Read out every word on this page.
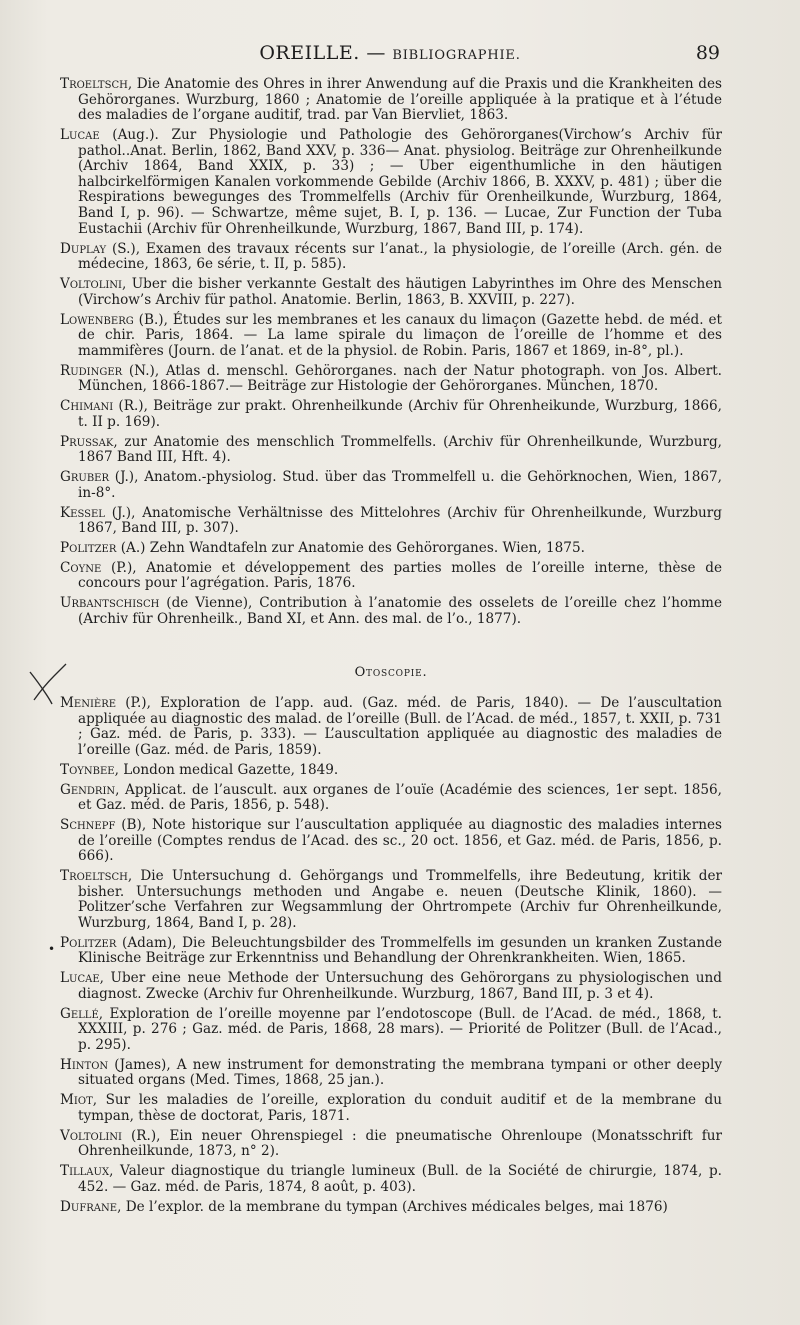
OREILLE. — BIBLIOGRAPHIE.	89

Troeltsch, Die Anatomie des Ohres in ihrer Anwendung auf die Praxis und die Krankheiten des Gehörorganes. Wurzburg, 1860 ; Anatomie de l’oreille appliquée à la pratique et à l’étude des maladies de l’organe auditif, trad. par Van Biervliet, 1863.

Lucae (Aug.). Zur Physiologie und Pathologie des Gehörorganes(Virchow’s Archiv für pathol..Anat. Berlin, 1862, Band XXV, p. 336— Anat. physiolog. Beiträge zur Ohrenheilkunde (Archiv 1864, Band XXIX, p. 33) ; — Uber eigenthumliche in den häutigen halbcirkelförmigen Kanalen vorkommende Gebilde (Archiv 1866, B. XXXV, p. 481) ; über die Respirations bewegunges des Trommelfells (Archiv für Orenheilkunde, Wurzburg, 1864, Band I, p. 96). — Schwartze, même sujet, B. I, p. 136. — Lucae, Zur Function der Tuba Eustachii (Archiv für Ohrenheilkunde, Wurzburg, 1867, Band III, p. 174).

Duplay (S.), Examen des travaux récents sur l’anat., la physiologie, de l’oreille (Arch. gén. de médecine, 1863, 6e série, t. II, p. 585).

Voltolini, Uber die bisher verkannte Gestalt des häutigen Labyrinthes im Ohre des Menschen (Virchow’s Archiv für pathol. Anatomie. Berlin, 1863, B. XXVIII, p. 227).

Lowenberg (B.), Études sur les membranes et les canaux du limaçon (Gazette hebd. de méd. et de chir. Paris, 1864. — La lame spirale du limaçon de l’oreille de l’homme et des mammifères (Journ. de l’anat. et de la physiol. de Robin. Paris, 1867 et 1869, in-8°, pl.).

Rudinger (N.), Atlas d. menschl. Gehörorganes. nach der Natur photograph. von Jos. Albert. München, 1866-1867.— Beiträge zur Histologie der Gehörorganes. München, 1870.

Chimani (R.), Beiträge zur prakt. Ohrenheilkunde (Archiv für Ohrenheikunde, Wurzburg, 1866, t. II p. 169).

Prussak, zur Anatomie des menschlich Trommelfells. (Archiv für Ohrenheilkunde, Wurzburg, 1867 Band III, Hft. 4).

Gruber (J.), Anatom.-physiolog. Stud. über das Trommelfell u. die Gehörknochen, Wien, 1867, in-8°.

Kessel (J.), Anatomische Verhältnisse des Mittelohres (Archiv für Ohrenheilkunde, Wurzburg 1867, Band III, p. 307).

Politzer (A.) Zehn Wandtafeln zur Anatomie des Gehörorganes. Wien, 1875.

Coyne (P.), Anatomie et développement des parties molles de l’oreille interne, thèse de concours pour l’agrégation. Paris, 1876.

Urbantschisch (de Vienne), Contribution à l’anatomie des osselets de l’oreille chez l’homme (Archiv für Ohrenheilk., Band XI, et Ann. des mal. de l’o., 1877).

Otoscopie.

Menière (P.), Exploration de l’app. aud. (Gaz. méd. de Paris, 1840). — De l’auscultation appliquée au diagnostic des malad. de l’oreille (Bull. de l’Acad. de méd., 1857, t. XXII, p. 731 ; Gaz. méd. de Paris, p. 333). — L’auscultation appliquée au diagnostic des maladies de l’oreille (Gaz. méd. de Paris, 1859).

Toynbee, London medical Gazette, 1849.

Gendrin, Applicat. de l’auscult. aux organes de l’ouïe (Académie des sciences, 1er sept. 1856, et Gaz. méd. de Paris, 1856, p. 548).

Schnepf (B), Note historique sur l’auscultation appliquée au diagnostic des maladies internes de l’oreille (Comptes rendus de l’Acad. des sc., 20 oct. 1856, et Gaz. méd. de Paris, 1856, p. 666).

Troeltsch, Die Untersuchung d. Gehörgangs und Trommelfells, ihre Bedeutung, kritik der bisher. Untersuchungs methoden und Angabe e. neuen (Deutsche Klinik, 1860). — Politzer’sche Verfahren zur Wegsammlung der Ohrtrompete (Archiv fur Ohrenheilkunde, Wurzburg, 1864, Band I, p. 28).

Politzer (Adam), Die Beleuchtungsbilder des Trommelfells im gesunden un kranken Zustande Klinische Beiträge zur Erkenntniss und Behandlung der Ohrenkrankheiten. Wien, 1865.

Lucae, Uber eine neue Methode der Untersuchung des Gehörorgans zu physiologischen und diagnost. Zwecke (Archiv fur Ohrenheilkunde. Wurzburg, 1867, Band III, p. 3 et 4).

Gellé, Exploration de l’oreille moyenne par l’endotoscope (Bull. de l’Acad. de méd., 1868, t. XXXIII, p. 276 ; Gaz. méd. de Paris, 1868, 28 mars). — Priorité de Politzer (Bull. de l’Acad., p. 295).

Hinton (James), A new instrument for demonstrating the membrana tympani or other deeply situated organs (Med. Times, 1868, 25 jan.).

Miot, Sur les maladies de l’oreille, exploration du conduit auditif et de la membrane du tympan, thèse de doctorat, Paris, 1871.

Voltolini (R.), Ein neuer Ohrenspiegel : die pneumatische Ohrenloupe (Monatsschrift fur Ohrenheilkunde, 1873, n° 2).

Tillaux, Valeur diagnostique du triangle lumineux (Bull. de la Société de chirurgie, 1874, p. 452. — Gaz. méd. de Paris, 1874, 8 août, p. 403).

Dufrane, De l’explor. de la membrane du tympan (Archives médicales belges, mai 1876)

•
